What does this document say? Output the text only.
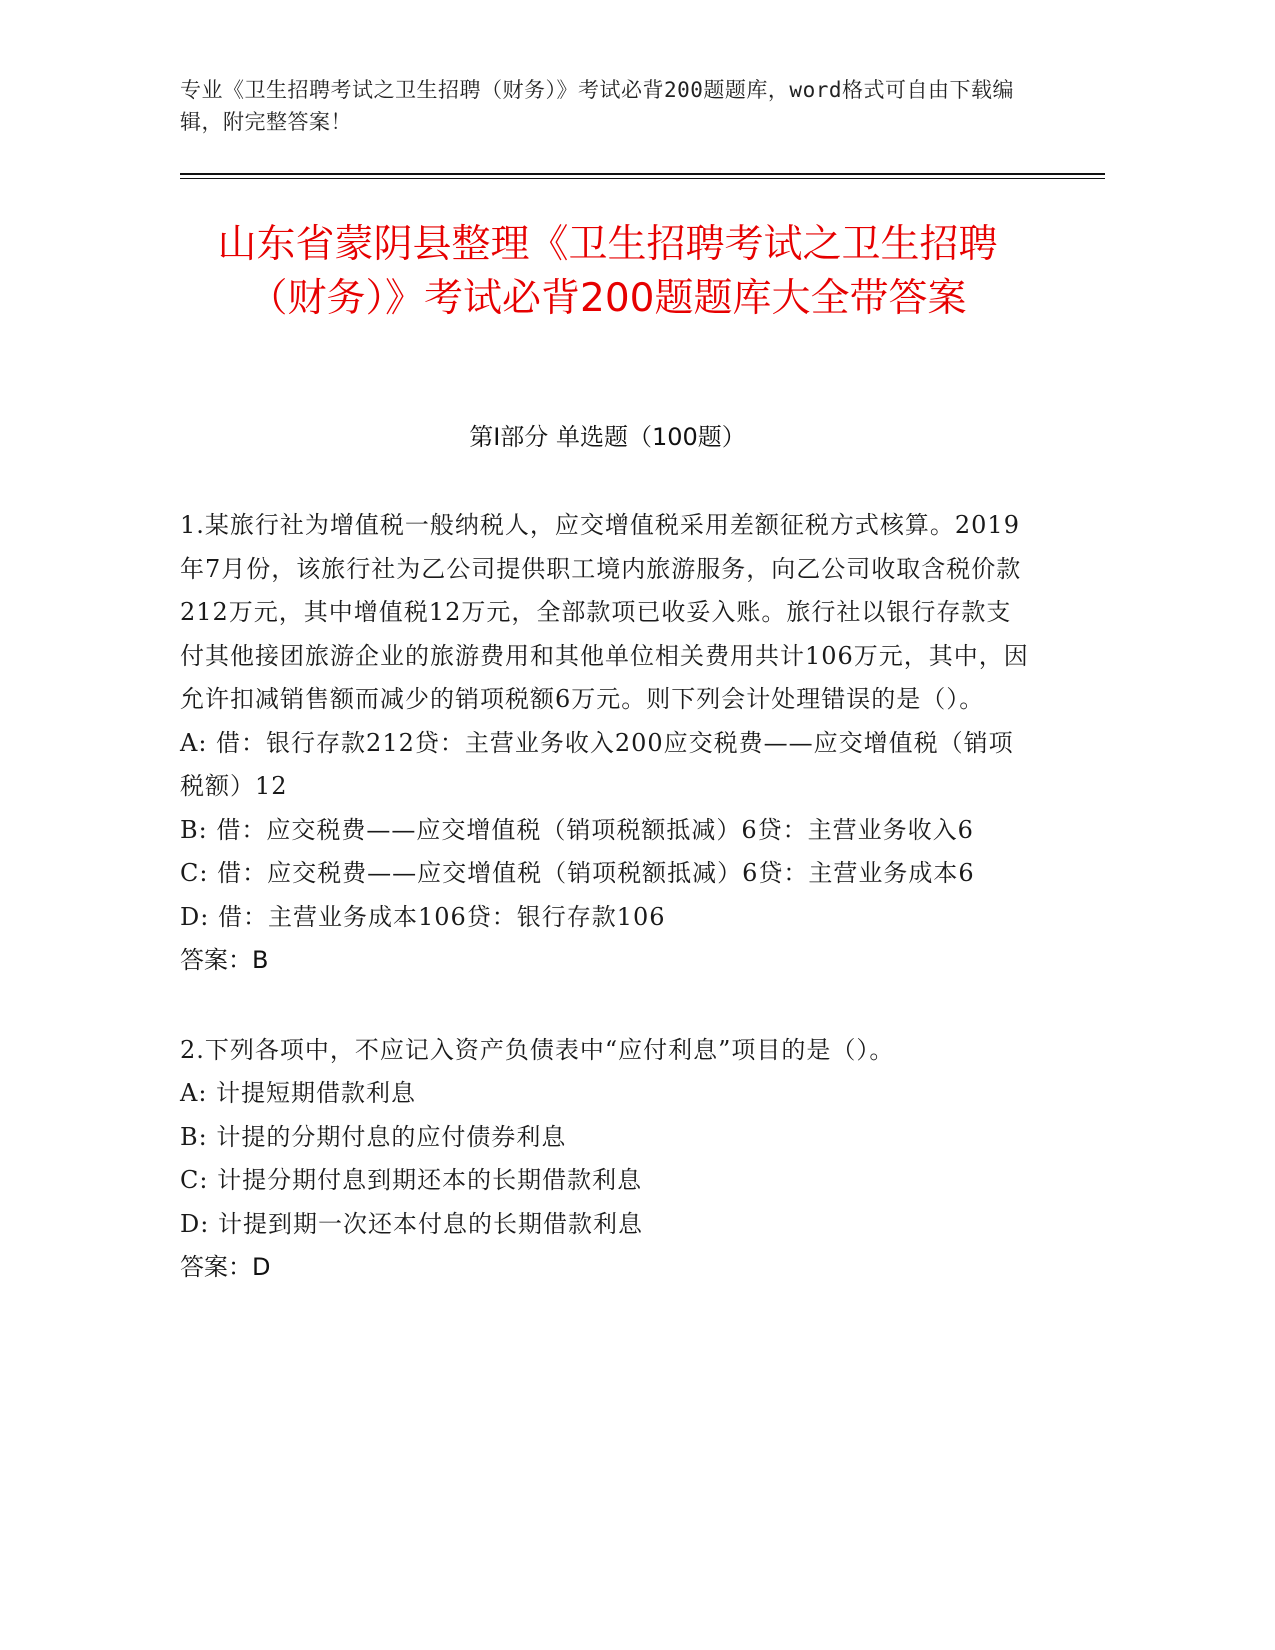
专业《卫生招聘考试之卫生招聘（财务）》考试必背200题题库，word格式可自由下载编辑，附完整答案！
山东省蒙阴县整理《卫生招聘考试之卫生招聘（财务）》考试必背200题题库大全带答案
第Ⅰ部分 单选题（100题）

1.某旅行社为增值税一般纳税人，应交增值税采用差额征税方式核算。2019年7月份，该旅行社为乙公司提供职工境内旅游服务，向乙公司收取含税价款212万元，其中增值税12万元，全部款项已收妥入账。旅行社以银行存款支付其他接团旅游企业的旅游费用和其他单位相关费用共计106万元，其中，因允许扣减销售额而减少的销项税额6万元。则下列会计处理错误的是（）。

A: 借：银行存款212贷：主营业务收入200应交税费——应交增值税（销项税额）12

B: 借：应交税费——应交增值税（销项税额抵减）6贷：主营业务收入6

C: 借：应交税费——应交增值税（销项税额抵减）6贷：主营业务成本6

D: 借：主营业务成本106贷：银行存款106

答案：B

2.下列各项中，不应记入资产负债表中“应付利息”项目的是（）。

A: 计提短期借款利息

B: 计提的分期付息的应付债券利息

C: 计提分期付息到期还本的长期借款利息

D: 计提到期一次还本付息的长期借款利息

答案：D
